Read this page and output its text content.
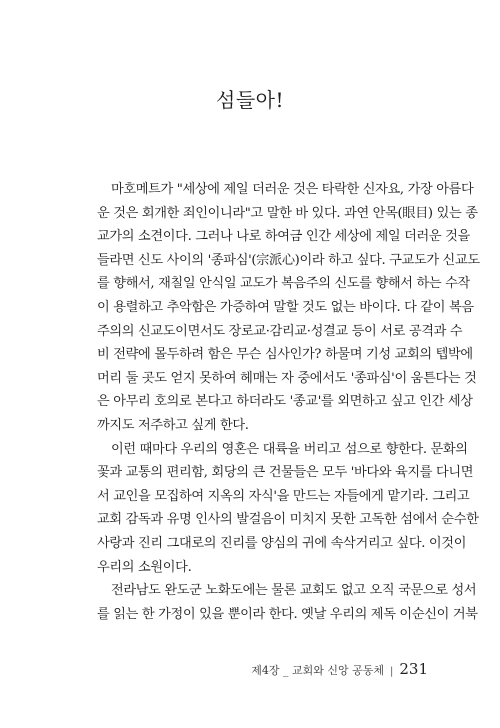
섬들아!
마호메트가 "세상에 제일 더러운 것은 타락한 신자요, 가장 아름다
운 것은 회개한 죄인이니라"고 말한 바 있다. 과연 안목(眼目) 있는 종
교가의 소견이다. 그러나 나로 하여금 인간 세상에 제일 더러운 것을
들라면 신도 사이의 '종파심'(宗派心)이라 하고 싶다. 구교도가 신교도
를 향해서, 재칠일 안식일 교도가 복음주의 신도를 향해서 하는 수작
이 용렬하고 추악함은 가증하여 말할 것도 없는 바이다. 다 같이 복음
주의의 신교도이면서도 장로교·감리교·성결교 등이 서로 공격과 수
비 전략에 몰두하려 함은 무슨 심사인가? 하물며 기성 교회의 텝박에
머리 둘 곳도 얻지 못하여 헤매는 자 중에서도 '종파심'이 움튼다는 것
은 아무리 호의로 본다고 하더라도 '종교'를 외면하고 싶고 인간 세상
까지도 저주하고 싶게 한다.
이런 때마다 우리의 영혼은 대륙을 버리고 섬으로 향한다. 문화의
꽃과 교통의 편리함, 회당의 큰 건물들은 모두 '바다와 육지를 다니면
서 교인을 모집하여 지옥의 자식'을 만드는 자들에게 맡기라. 그리고
교회 감독과 유명 인사의 발걸음이 미치지 못한 고독한 섬에서 순수한
사랑과 진리 그대로의 진리를 양심의 귀에 속삭거리고 싶다. 이것이
우리의 소원이다.
전라남도 완도군 노화도에는 물론 교회도 없고 오직 국문으로 성서
를 읽는 한 가정이 있을 뿐이라 한다. 옛날 우리의 제독 이순신이 거북
제4장 _ 교회와 신앙 공동체 | 231
